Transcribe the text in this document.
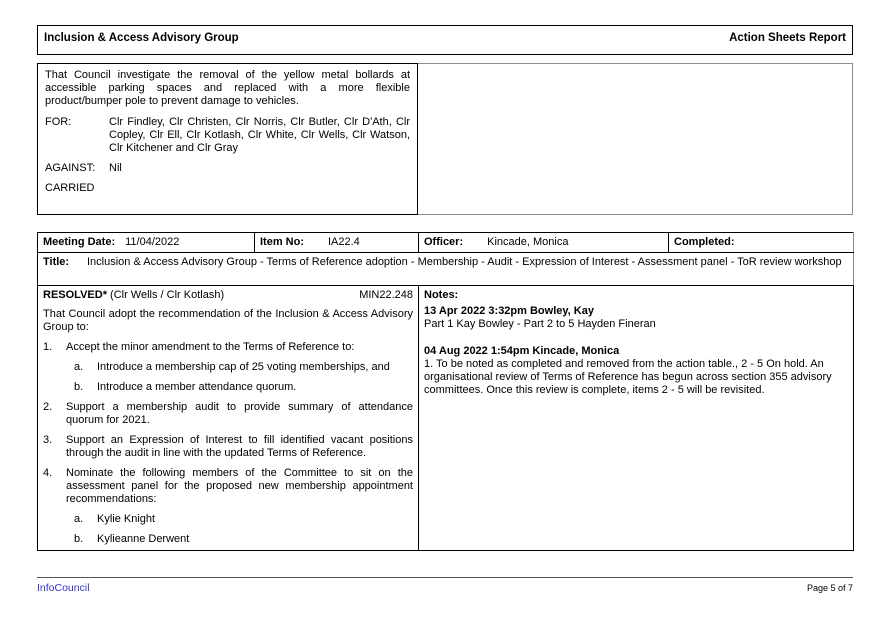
Inclusion & Access Advisory Group	Action Sheets Report
That Council investigate the removal of the yellow metal bollards at accessible parking spaces and replaced with a more flexible product/bumper pole to prevent damage to vehicles.
FOR:	Clr Findley, Clr Christen, Clr Norris, Clr Butler, Clr D'Ath, Clr Copley, Clr Ell, Clr Kotlash, Clr White, Clr Wells, Clr Watson, Clr Kitchener and Clr Gray
AGAINST:	Nil
CARRIED
Meeting Date: 11/04/2022	Item No: IA22.4	Officer: Kincade, Monica	Completed:

Title: Inclusion & Access Advisory Group - Terms of Reference adoption - Membership - Audit - Expression of Interest - Assessment panel - ToR review workshop			

RESOLVED* (Clr Wells / Clr Kotlash)	MIN22.248
That Council adopt the recommendation of the Inclusion & Access Advisory Group to:
1.	Accept the minor amendment to the Terms of Reference to:
a.	Introduce a membership cap of 25 voting memberships, and
b.	Introduce a member attendance quorum.
2.	Support a membership audit to provide summary of attendance quorum for 2021.
3.	Support an Expression of Interest to fill identified vacant positions through the audit in line with the updated Terms of Reference.
4.	Nominate the following members of the Committee to sit on the assessment panel for the proposed new membership appointment recommendations:
a.	Kylie Knight
b.	Kylieanne Derwent

Notes:
13 Apr 2022 3:32pm Bowley, Kay
Part 1 Kay Bowley - Part 2 to 5 Hayden Fineran
04 Aug 2022 1:54pm Kincade, Monica
1. To be noted as completed and removed from the action table., 2 - 5 On hold. An organisational review of Terms of Reference has begun across section 355 advisory committees. Once this review is complete, items 2 - 5 will be revisited.
InfoCouncil	Page 5 of 7
